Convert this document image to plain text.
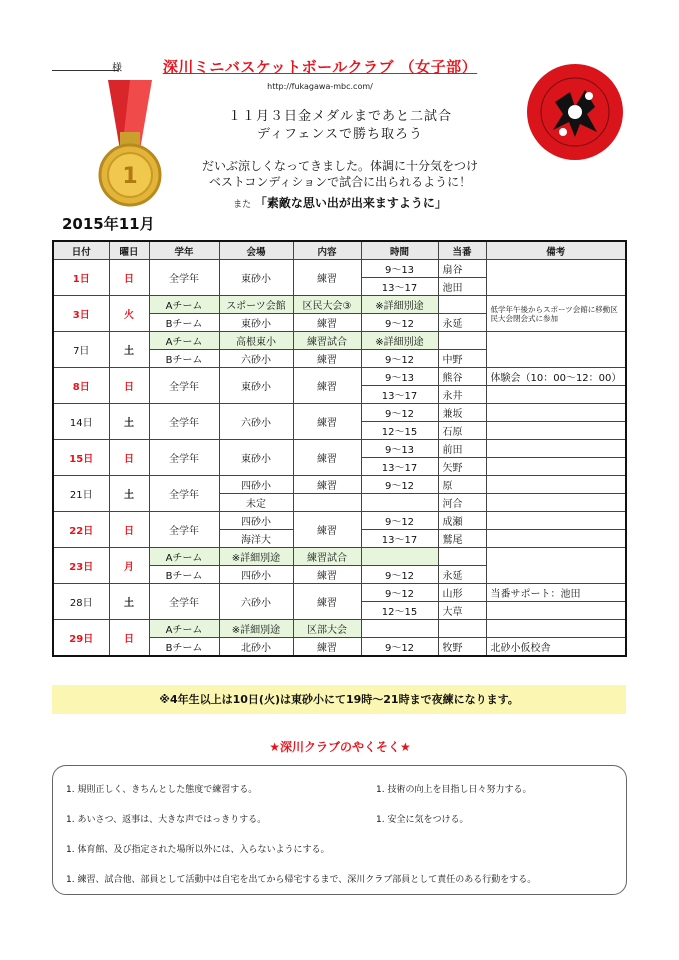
様	深川ミニバスケットボールクラブ （女子部）
http://fukagawa-mbc.com/
1
１１月３日金メダルまであと二試合
ディフェンスで勝ち取ろう
だいぶ涼しくなってきました。体調に十分気をつけ
ベストコンディションで試合に出られるように！
また 「素敵な思い出が出来ますように」
2015年11月
日付	曜日	学年	会場	内容	時間	当番	備考
1日	日	全学年	東砂小	練習	9～13	扇谷	
					13～17	池田	
3日	火	Aチーム	スポーツ会館	区民大会③	※詳細別途		低学年午後からスポーツ会館に移動区民大会閉会式に参加
		Bチーム	東砂小	練習	9～12	永延	
7日	土	Aチーム	高根東小	練習試合	※詳細別途		
		Bチーム	六砂小	練習	9～12	中野	
8日	日	全学年	東砂小	練習	9～13	熊谷	体験会（10：00～12：00）
					13～17	永井	
14日	土	全学年	六砂小	練習	9～12	兼坂	
					12～15	石原	
15日	日	全学年	東砂小	練習	9～13	前田	
					13～17	矢野	
21日	土	全学年	四砂小	練習	9～12	原	
			未定			河合	
22日	日	全学年	四砂小	練習	9～12	成瀬	
			海洋大		13～17	鷲尾	
23日	月	Aチーム	※詳細別途	練習試合			
		Bチーム	四砂小	練習	9～12	永延	
28日	土	全学年	六砂小	練習	9～12	山形	当番サポート：池田
					12～15	大草	
29日	日	Aチーム	※詳細別途	区部大会			
		Bチーム	北砂小	練習	9～12	牧野	北砂小仮校舎
※4年生以上は10日(火)は東砂小にて19時～21時まで夜練になります。
★深川クラブのやくそく★
1. 規則正しく、きちんとした態度で練習する。	1. 技術の向上を目指し日々努力する。
1. あいさつ、返事は、大きな声ではっきりする。	1. 安全に気をつける。
1. 体育館、及び指定された場所以外には、入らないようにする。
1. 練習、試合他、部員として活動中は自宅を出てから帰宅するまで、深川クラブ部員として責任のある行動をする。
